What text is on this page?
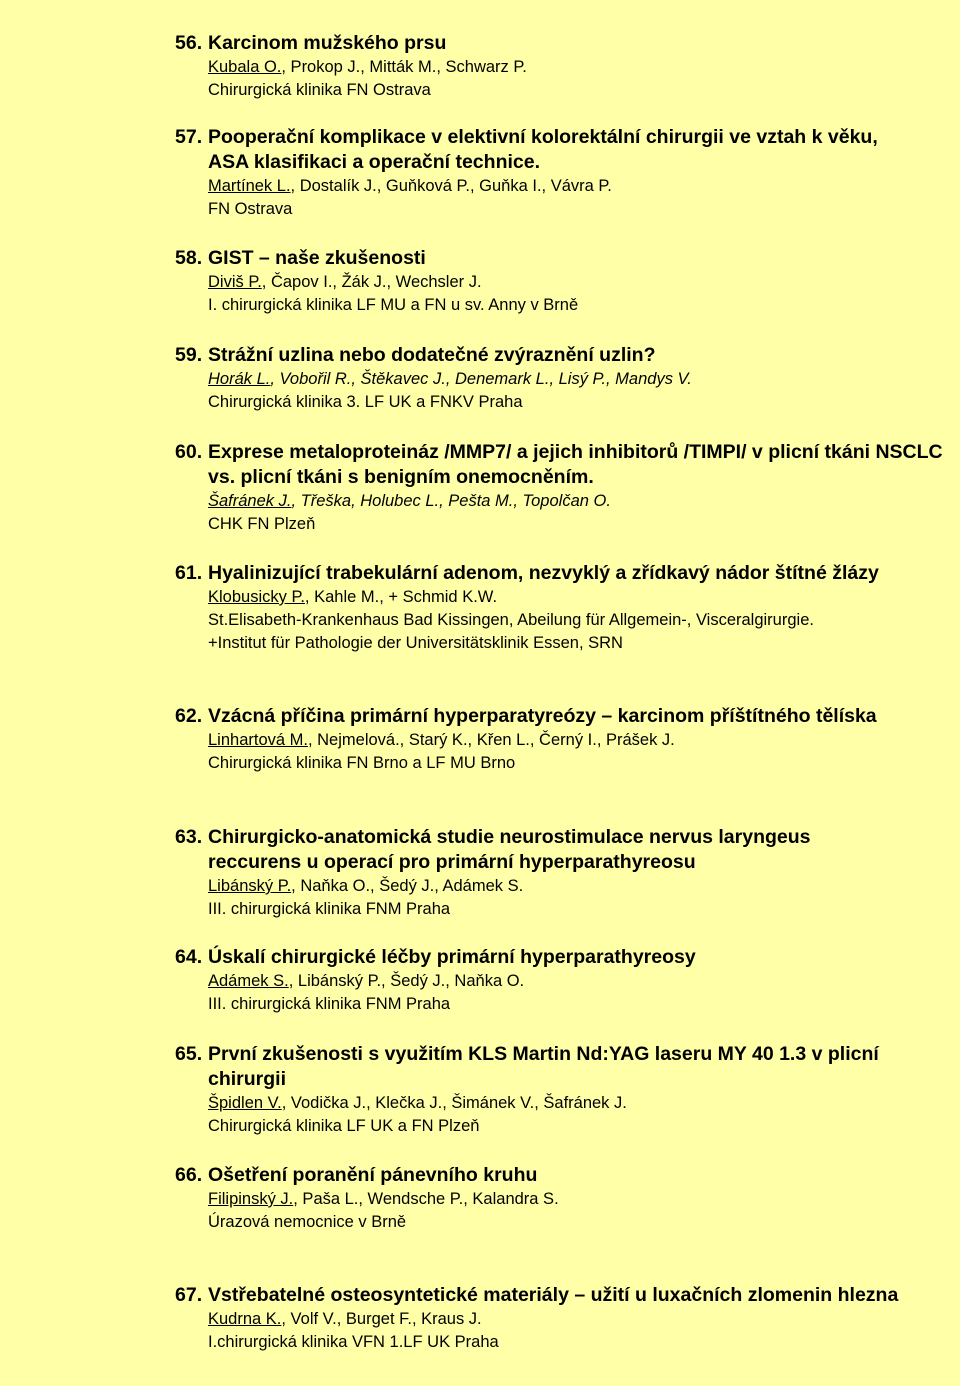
56. Karcinom mužského prsu

Kubala O., Prokop J., Mitták M., Schwarz P.

Chirurgická klinika FN Ostrava

57. Pooperační komplikace v elektivní kolorektální chirurgii ve vztah k věku, ASA klasifikaci a operační technice.

Martínek L., Dostalík J., Guňková P., Guňka I., Vávra P.

FN Ostrava

58. GIST – naše zkušenosti

Diviš P., Čapov I., Žák J., Wechsler J.

I. chirurgická klinika LF MU a FN u sv. Anny v Brně

59. Strážní uzlina nebo dodatečné zvýraznění uzlin?

Horák L., Vobořil R., Štěkavec J., Denemark L., Lisý P., Mandys V.

Chirurgická klinika 3. LF UK a FNKV Praha

60. Exprese metaloproteináz /MMP7/ a jejich inhibitorů /TIMPI/ v plicní tkáni NSCLC vs. plicní tkáni s benigním onemocněním.

Šafránek J., Třeška, Holubec L., Pešta M., Topolčan O.

CHK FN Plzeň

61. Hyalinizující trabekulární adenom, nezvyklý a zřídkavý nádor štítné žlázy

Klobusicky P., Kahle M., + Schmid K.W.

St.Elisabeth-Krankenhaus Bad Kissingen, Abeilung für Allgemein-, Visceralgirurgie.

+Institut für Pathologie der Universitätsklinik Essen, SRN

62. Vzácná příčina primární hyperparatyreózy – karcinom příštítného tělíska

Linhartová M., Nejmelová., Starý K., Křen L., Černý I., Prášek J.

Chirurgická klinika FN Brno a LF MU Brno

63. Chirurgicko-anatomická studie neurostimulace nervus laryngeus reccurens u operací pro primární hyperparathyreosu

Libánský P., Naňka O., Šedý J., Adámek S.

III. chirurgická klinika FNM Praha

64. Úskalí chirurgické léčby primární hyperparathyreosy

Adámek S., Libánský P., Šedý J., Naňka O.

III. chirurgická klinika FNM Praha

65. První zkušenosti s využitím KLS Martin Nd:YAG laseru MY 40 1.3 v plicní chirurgii

Špidlen V., Vodička J., Klečka J., Šimánek V., Šafránek J.

Chirurgická klinika LF UK a FN Plzeň

66. Ošetření poranění pánevního kruhu

Filipinský J., Paša L., Wendsche P., Kalandra S.

Úrazová nemocnice v Brně

67. Vstřebatelné osteosyntetické materiály – užití u luxačních zlomenin hlezna

Kudrna K., Volf V., Burget F., Kraus J.

I.chirurgická klinika VFN 1.LF UK Praha
